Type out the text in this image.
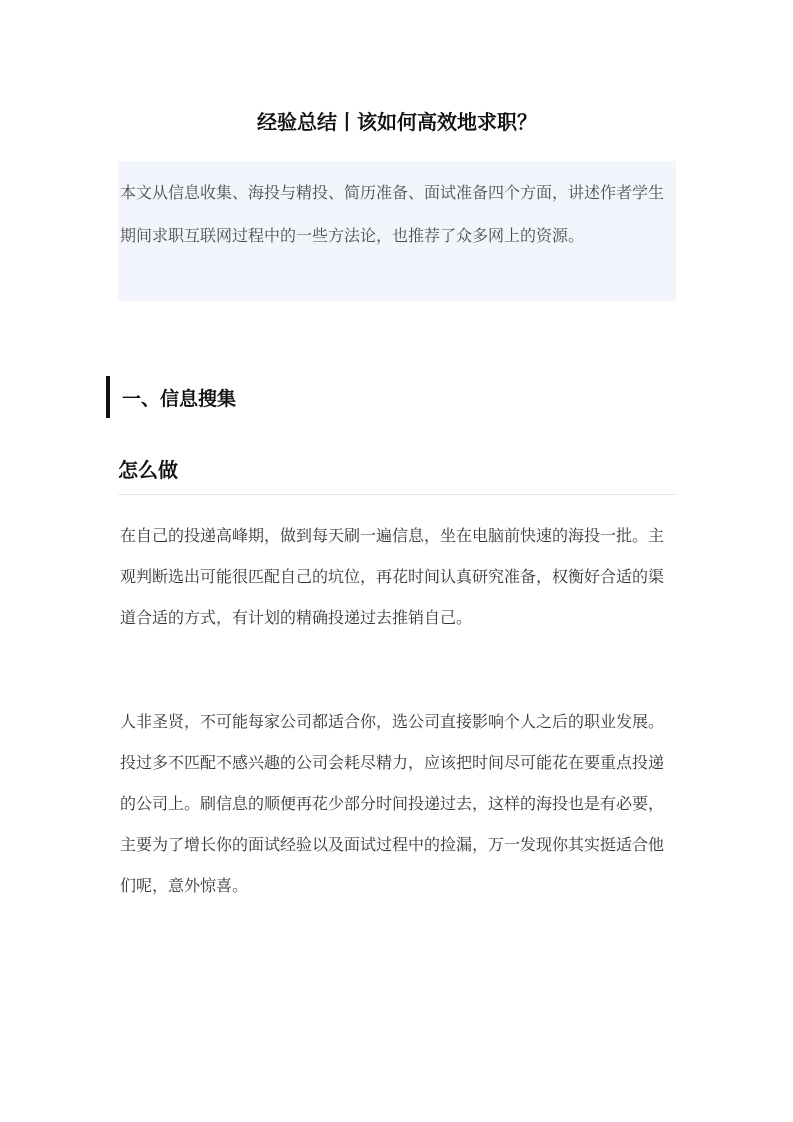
经验总结丨该如何高效地求职？

本文从信息收集、海投与精投、简历准备、面试准备四个方面，讲述作者学生期间求职互联网过程中的一些方法论，也推荐了众多网上的资源。

一、信息搜集
怎么做

在自己的投递高峰期，做到每天刷一遍信息，坐在电脑前快速的海投一批。主观判断选出可能很匹配自己的坑位，再花时间认真研究准备，权衡好合适的渠道合适的方式，有计划的精确投递过去推销自己。

人非圣贤，不可能每家公司都适合你，选公司直接影响个人之后的职业发展。投过多不匹配不感兴趣的公司会耗尽精力，应该把时间尽可能花在要重点投递的公司上。刷信息的顺便再花少部分时间投递过去，这样的海投也是有必要，主要为了增长你的面试经验以及面试过程中的捡漏，万一发现你其实挺适合他们呢，意外惊喜。
